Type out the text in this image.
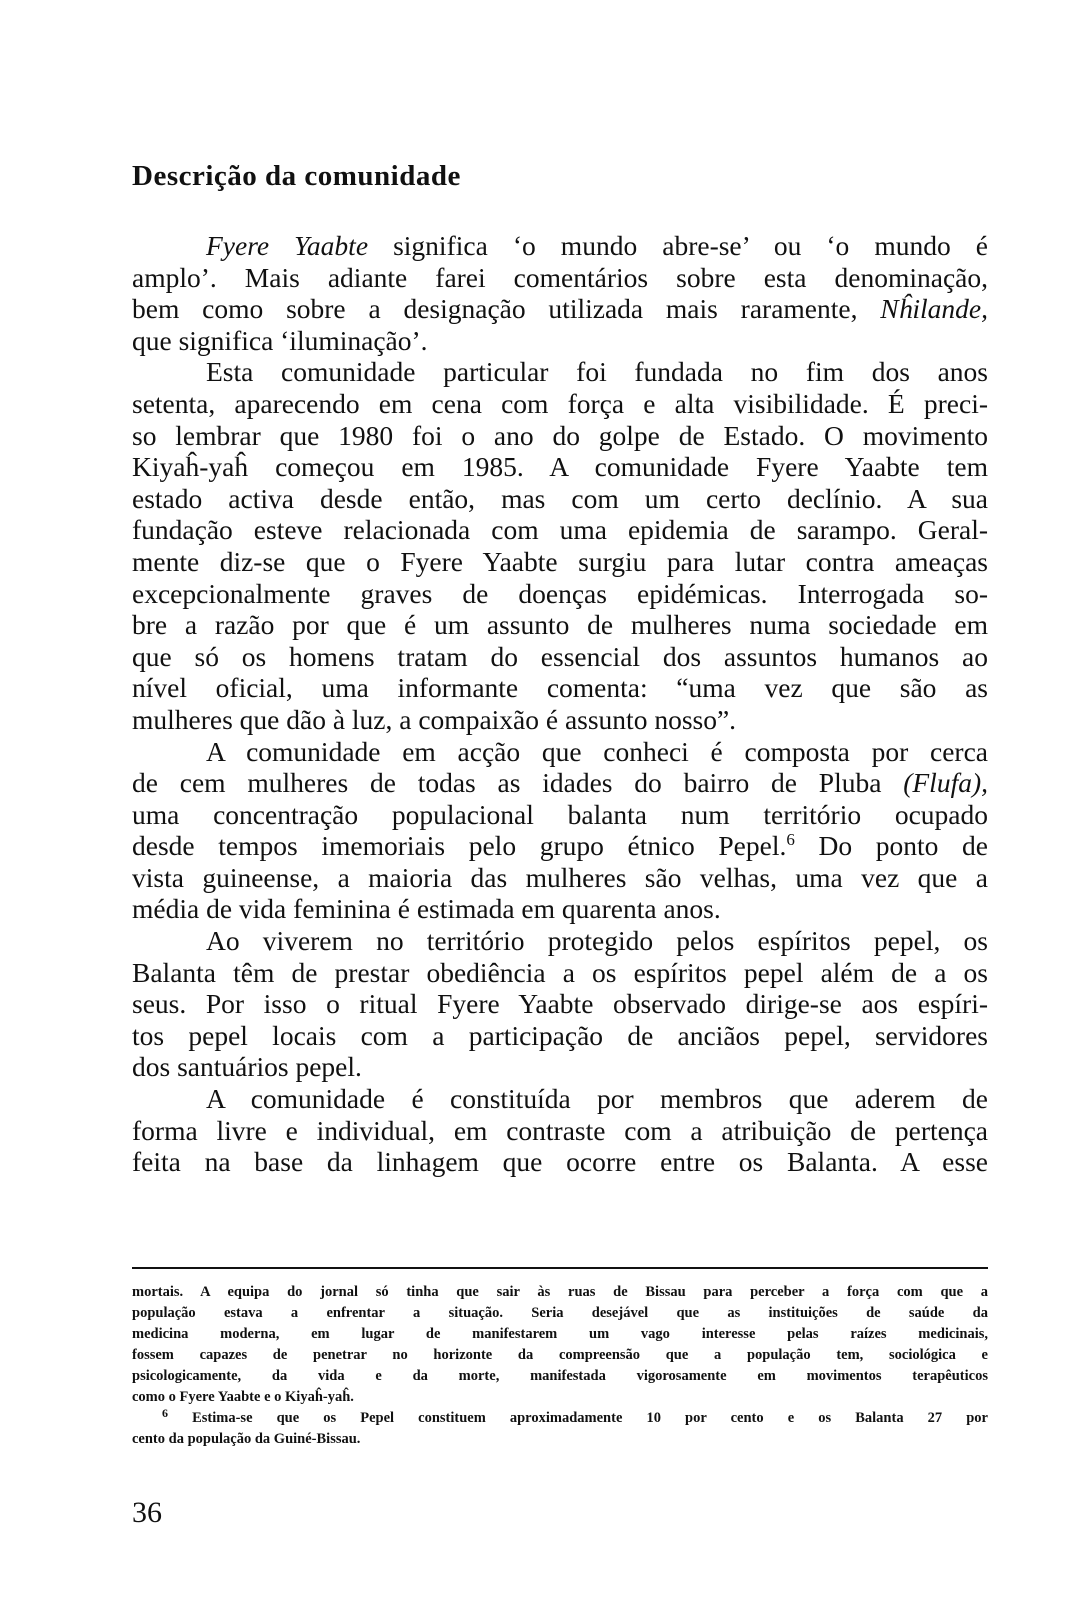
Descrição da comunidade

Fyere Yaabte significa ‘o mundo abre-se’ ou ‘o mundo é
amplo’. Mais adiante farei comentários sobre esta denominação,
bem como sobre a designação utilizada mais raramente, Nĥilande,
que significa ‘iluminação’.

Esta comunidade particular foi fundada no fim dos anos
setenta, aparecendo em cena com força e alta visibilidade. É preci-
so lembrar que 1980 foi o ano do golpe de Estado. O movimento
Kiyaĥ-yaĥ começou em 1985. A comunidade Fyere Yaabte tem
estado activa desde então, mas com um certo declínio. A sua
fundação esteve relacionada com uma epidemia de sarampo. Geral-
mente diz-se que o Fyere Yaabte surgiu para lutar contra ameaças
excepcionalmente graves de doenças epidémicas. Interrogada so-
bre a razão por que é um assunto de mulheres numa sociedade em
que só os homens tratam do essencial dos assuntos humanos ao
nível oficial, uma informante comenta: “uma vez que são as
mulheres que dão à luz, a compaixão é assunto nosso”.

A comunidade em acção que conheci é composta por cerca
de cem mulheres de todas as idades do bairro de Pluba (Flufa),
uma concentração populacional balanta num território ocupado
desde tempos imemoriais pelo grupo étnico Pepel.$^6$ Do ponto de
vista guineense, a maioria das mulheres são velhas, uma vez que a
média de vida feminina é estimada em quarenta anos.

Ao viverem no território protegido pelos espíritos pepel, os
Balanta têm de prestar obediência a os espíritos pepel além de a os
seus. Por isso o ritual Fyere Yaabte observado dirige-se aos espíri-
tos pepel locais com a participação de anciãos pepel, servidores
dos santuários pepel.

A comunidade é constituída por membros que aderem de
forma livre e individual, em contraste com a atribuição de pertença
feita na base da linhagem que ocorre entre os Balanta. A esse

mortais. A equipa do jornal só tinha que sair às ruas de Bissau para perceber a força com que a
população estava a enfrentar a situação. Seria desejável que as instituições de saúde da
medicina moderna, em lugar de manifestarem um vago interesse pelas raízes medicinais,
fossem capazes de penetrar no horizonte da compreensão que a população tem, sociológica e
psicologicamente, da vida e da morte, manifestada vigorosamente em movimentos terapêuticos
como o Fyere Yaabte e o Kiyaĥ-yaĥ.
$^6$ Estima-se que os Pepel constituem aproximadamente 10 por cento e os Balanta 27 por
cento da população da Guiné-Bissau.
36
